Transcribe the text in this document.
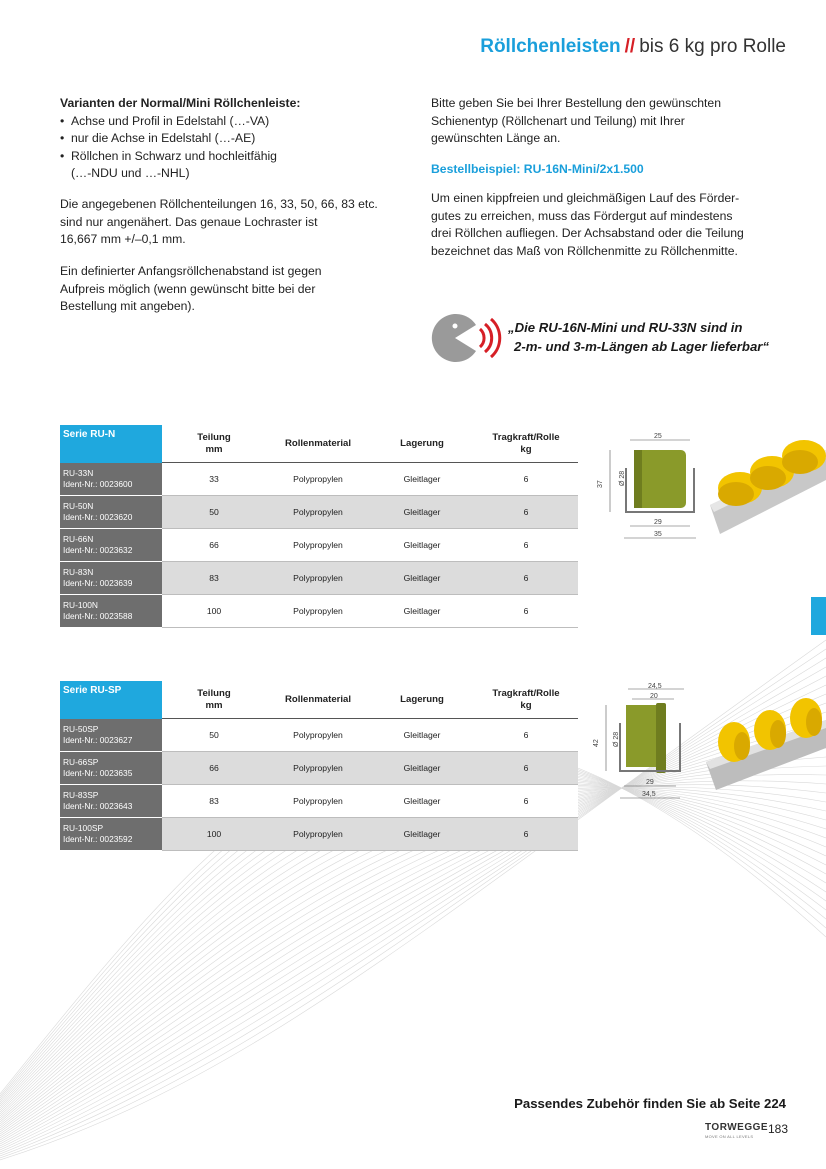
Röllchenleisten // bis 6 kg pro Rolle
Varianten der Normal/Mini Röllchenleiste:
• Achse und Profil in Edelstahl (…-VA)
• nur die Achse in Edelstahl (…-AE)
• Röllchen in Schwarz und hochleitfähig
(…-NDU und …-NHL)
Die angegebenen Röllchenteilungen 16, 33, 50, 66, 83 etc.
sind nur angenähert. Das genaue Lochraster ist
16,667 mm +/–0,1 mm.
Ein definierter Anfangsröllchenabstand ist gegen
Aufpreis möglich (wenn gewünscht bitte bei der
Bestellung mit angeben).
Bitte geben Sie bei Ihrer Bestellung den gewünschten
Schienentyp (Röllchenart und Teilung) mit Ihrer
gewünschten Länge an.
Bestellbeispiel: RU-16N-Mini/2x1.500
Um einen kippfreien und gleichmäßigen Lauf des Förder-
gutes zu erreichen, muss das Fördergut auf mindestens
drei Röllchen aufliegen. Der Achsabstand oder die Teilung
bezeichnet das Maß von Röllchenmitte zu Röllchenmitte.
„Die RU-16N-Mini und RU-33N sind in
2-m- und 3-m-Längen ab Lager lieferbar“
Serie RU-N	Teilung
mm	Rollenmaterial	Lagerung	Tragkraft/Rolle
kg

RU-33N
Ident-Nr.: 0023600	33	Polypropylen	Gleitlager	6

RU-50N
Ident-Nr.: 0023620	50	Polypropylen	Gleitlager	6

RU-66N
Ident-Nr.: 0023632	66	Polypropylen	Gleitlager	6

RU-83N
Ident-Nr.: 0023639	83	Polypropylen	Gleitlager	6

RU-100N
Ident-Nr.: 0023588	100	Polypropylen	Gleitlager	6
Serie RU-SP	Teilung
mm	Rollenmaterial	Lagerung	Tragkraft/Rolle
kg

RU-50SP
Ident-Nr.: 0023627	50	Polypropylen	Gleitlager	6

RU-66SP
Ident-Nr.: 0023635	66	Polypropylen	Gleitlager	6

RU-83SP
Ident-Nr.: 0023643	83	Polypropylen	Gleitlager	6

RU-100SP
Ident-Nr.: 0023592	100	Polypropylen	Gleitlager	6
25
37 Ø 28
29
35
24,5
20
42 Ø 28
29
34,5
Passendes Zubehör finden Sie ab Seite 224
TORWEGGE
MOVE ON ALL LEVELS
183
